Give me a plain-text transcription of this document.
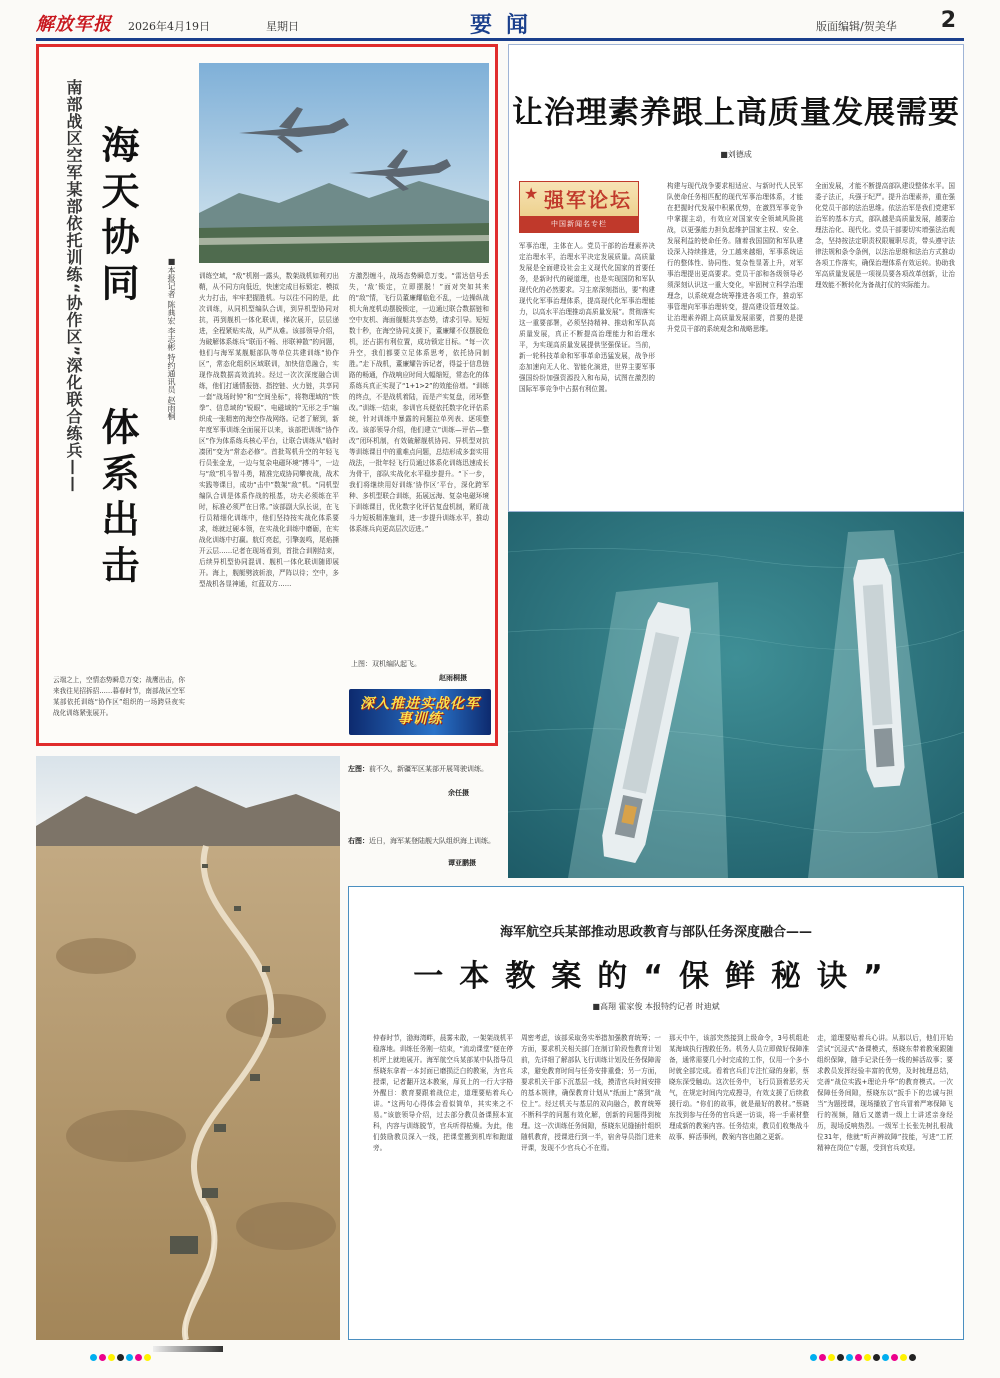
解放军报 2026年4月19日	星期日	要闻	版面编辑/贺美华 2
南部战区空军某部依托训练“协作区”深化联合练兵—— 海天协同
体系出击
■本报记者 陈典宏 李志彬 特约通讯员 赵雨桐
云端之上，空情态势瞬息万变；战鹰出击，你来我往见招拆招……暮春时节，南部战区空军某部依托训练“协作区”组织的一场跨昼夜实战化训练紧张展开。
训练空域，“敌”机刚一露头，数架战机如利刃出鞘，从不同方向低近，快速完成目标锁定、模拟火力打击，牢牢把握胜机。与以往不同的是，此次训练，从同机型编队合训，到异机型协同对抗，再到舰机一体化联训，梯次展开，层层递进，全程紧贴实战，从严从难。该部领导介绍，为破解体系练兵“联而不畅、形联神散”的问题，他们与海军某舰艇部队等单位共建训练“协作区”，常态化组织区域联训，加快信息融合，实现作战数据高效流转。经过一次次深度融合训练，他们打通情报链、指控链、火力链，共享同一套“战场时钟”和“空间坐标”，将物理域的“铁拳”、信息域的“锐眼”、电磁域的“无形之手”编织成一张精密的海空作战网络。记者了解到，新年度军事训练全面展开以来，该部把训练“协作区”作为体系练兵核心平台，让联合训练从“临时凑团”变为“常态必修”。首批驾机升空的年轻飞行员张金龙，一边与复杂电磁环境“搏斗”，一边与“敌”机斗智斗勇，精准完成协同攀夜战，战术实践等课目，成功“击中”数架“敌”机。“同机型编队合训是体系作战的根基，功夫必须练在平时，标准必须严在日常。”该部副大队长说，在飞行员精细化训练中，他们坚持按实战化体系要求，练就过硬本领，在实战化训练中磨砺，在实战化训练中打赢。航灯亮起，引擎轰鸣，尾焰撕开云层……记者在现场看到，首批合训刚结束，后续异机型协同混训、舰机一体化联训随即展开。海上，舰艇劈波斩浪，严阵以待；空中，多型战机各显神通，红蓝双方……
方激烈缠斗，战场态势瞬息万变。“雷达信号丢失，‘敌’锁定，立即摆脱！”面对突如其来的“敌”情，飞行员董廉耀临危不乱，一边操纵战机大角度机动摆脱锁定，一边通过联合数据链和空中友机、海面舰艇共享态势，请求引导。短短数十秒，在海空协同支援下，董廉耀不仅摆脱危机，还占据有利位置，成功锁定目标。“每一次升空，我们都要立足体系思考，依托协同制胜。”走下战机，董廉耀告诉记者，得益于信息链路的畅通，作战响应时间大幅缩短，常态化的体系练兵真正实现了“1+1>2”的效能倍增。“训练的终点，不是战机着陆，而是产实复盘，闭环整改。”训练一结束，参训官兵便依托数字化评估系统，针对训练中暴露的问题拉单列表、逐项整改。该部领导介绍，他们建立“训练—评估—整改”闭环机制，有效破解舰机协同、异机型对抗等训练课目中的重难点问题，总结形成多套实用战法，一批年轻飞行员通过体系化训练迅速成长为骨干，部队实战化水平稳步提升。“下一步，我们将继续用好训练‘协作区’平台，深化跨军种、多机型联合训练，拓展远海、复杂电磁环境下训练课目，优化数字化评估复盘机制，紧盯战斗力短板精准施训，进一步提升训练水平，推动体系练兵向更高层次迈进。”
上图：双机编队起飞。
赵雨桐摄
深入推进实战化军事训练
让治理素养跟上高质量发展需要
■刘德成
★ 强军论坛
中国新闻名专栏
军事治理，主体在人。党员干部的治理素养决定治理水平，治理水平决定发展质量。高质量发展是全面建设社会主义现代化国家的首要任务，是新时代的硬道理，也是实现国防和军队现代化的必然要求。习主席深刻指出，要“构建现代化军事治理体系，提高现代化军事治理能力，以高水平治理推动高质量发展”。贯彻落实这一重要部署，必须坚持精神、推动和军队高质量发展，真正不断提高治理能力和治理水平，为实现高质量发展提供坚强保证。当前，新一轮科技革命和军事革命迅猛发展，战争形态加速向无人化、智能化演进，世界主要军事强国纷纷加强资源投入和布局，试图在激烈的国际军事竞争中占据有利位置。
构建与现代战争要求相适应、与新时代人民军队使命任务相匹配的现代军事治理体系，才能在把握时代发展中积累优势，在激烈军事竞争中掌握主动，有效应对国家安全领域风险挑战，以更强能力担负起维护国家主权、安全、发展利益的使命任务。随着我国国防和军队建设深入持续推进，分工越来越细，军事系统运行的整体性、协同性、复杂性显著上升，对军事治理提出更高要求。党员干部和各级领导必须深刻认识这一重大变化，牢固树立科学治理理念，以系统观念统筹推进各项工作，推动军事管理向军事治理转变，提高建设管理效益。让治理素养跟上高质量发展需要，首要的是提升党员干部的系统观念和战略思维。
全面发展，才能不断提高部队建设整体水平。国委子法正，兵强于纪严。提升治理素养，重在强化党员干部的法治思维。依法治军是我们党建军治军的基本方式，部队越是高质量发展，越要治理法治化、现代化。党员干部要切实增强法治观念，坚持按法定职责权限履职尽责，带头遵守法律法规和条令条例，以法治思维和法治方式推动各项工作落实，确保治理体系有效运转。协助我军高质量发展是一项视员要各项改革创新，让治理效能不断转化为备战打仗的实际能力。
左图：前不久，新疆军区某部开展驾驶训练。
余任摄
右图：近日，海军某登陆舰大队组织海上训练。
谭亚鹏摄
海军航空兵某部推动思政教育与部队任务深度融合——
一本教案的“保鲜秘诀”
■高翔 霍家俊 本报特约记者 时迪斌
仲春时节，渤海湾畔，晨雾未散，一架架战机平稳落地。训练任务刚一结束，“流动课堂”便在停机坪上就地展开。海军航空兵某部某中队指导员蔡晓东拿着一本封面已磨损泛白的教案，为官兵授课，记者翻开这本教案，扉页上的一行大字格外醒目：教育要跟着战位走，道理要贴着兵心讲。“这两句心得体会看似简单，其实来之不易。”该旅领导介绍，过去部分教员备课照本宣科，内容与训练脱节，官兵听得枯燥。为此，他们鼓励教员深入一线，把课堂搬到机库和跑道旁。
周密考虑，该部采取务实举措加强教育统筹；一方面，要求机关相关部门在制订阶段性教育计划前，先详细了解部队飞行训练计划及任务保障需求，避免教育时间与任务安排重叠；另一方面，要求机关干部下沉基层一线，摸清官兵时间安排的基本规律，确保教育计划从“纸面上”落到“战位上”。经过机关与基层的双向融合，教育统筹不断科学的问题有效化解，创新的问题得到梳理。这一次训练任务间隙，蔡晓东见缝插针组织随机教育，授课进行到一半，宿舍导员指门进来评课，发现不少官兵心不在焉。
那天中午，该部突然接到上级命令，3号机组赴某海域执行搜救任务。机务人员立即做好保障准备，通常需要几小时完成的工作，仅用一个多小时就全部完成。看着官兵们专注忙碌的身影，蔡晓东深受触动。这次任务中，飞行员顶着恶劣天气，在规定时间内完成搜寻，有效支援了后续救援行动。“你们的故事，就是最好的教材。”蔡晓东找到参与任务的官兵逐一访谈，将一手素材整理成新的教案内容。任务结束，教员们收集战斗故事、鲜活事例，教案内容也随之更新。
走，道理要贴着兵心讲。从那以后，他们开始尝试“沉浸式”备课模式，蔡晓东带着教案跟随组织保障，随手记录任务一线的鲜活故事；要求教员发挥经验丰富的优势，及时梳理总结，完善“战位实践+理论升华”的教育模式。一次保障任务间隙，蔡晓东以“扳手下的忠诚与担当”为题授课，现场播放了官兵冒着严寒保障飞行的视频，随后又邀请一级上士讲述亲身经历，现场反响热烈。一级军士长张先树扎根战位31年，他就“听声辨故障”技能，写进“工匠精神在岗位”专题，受到官兵欢迎。
